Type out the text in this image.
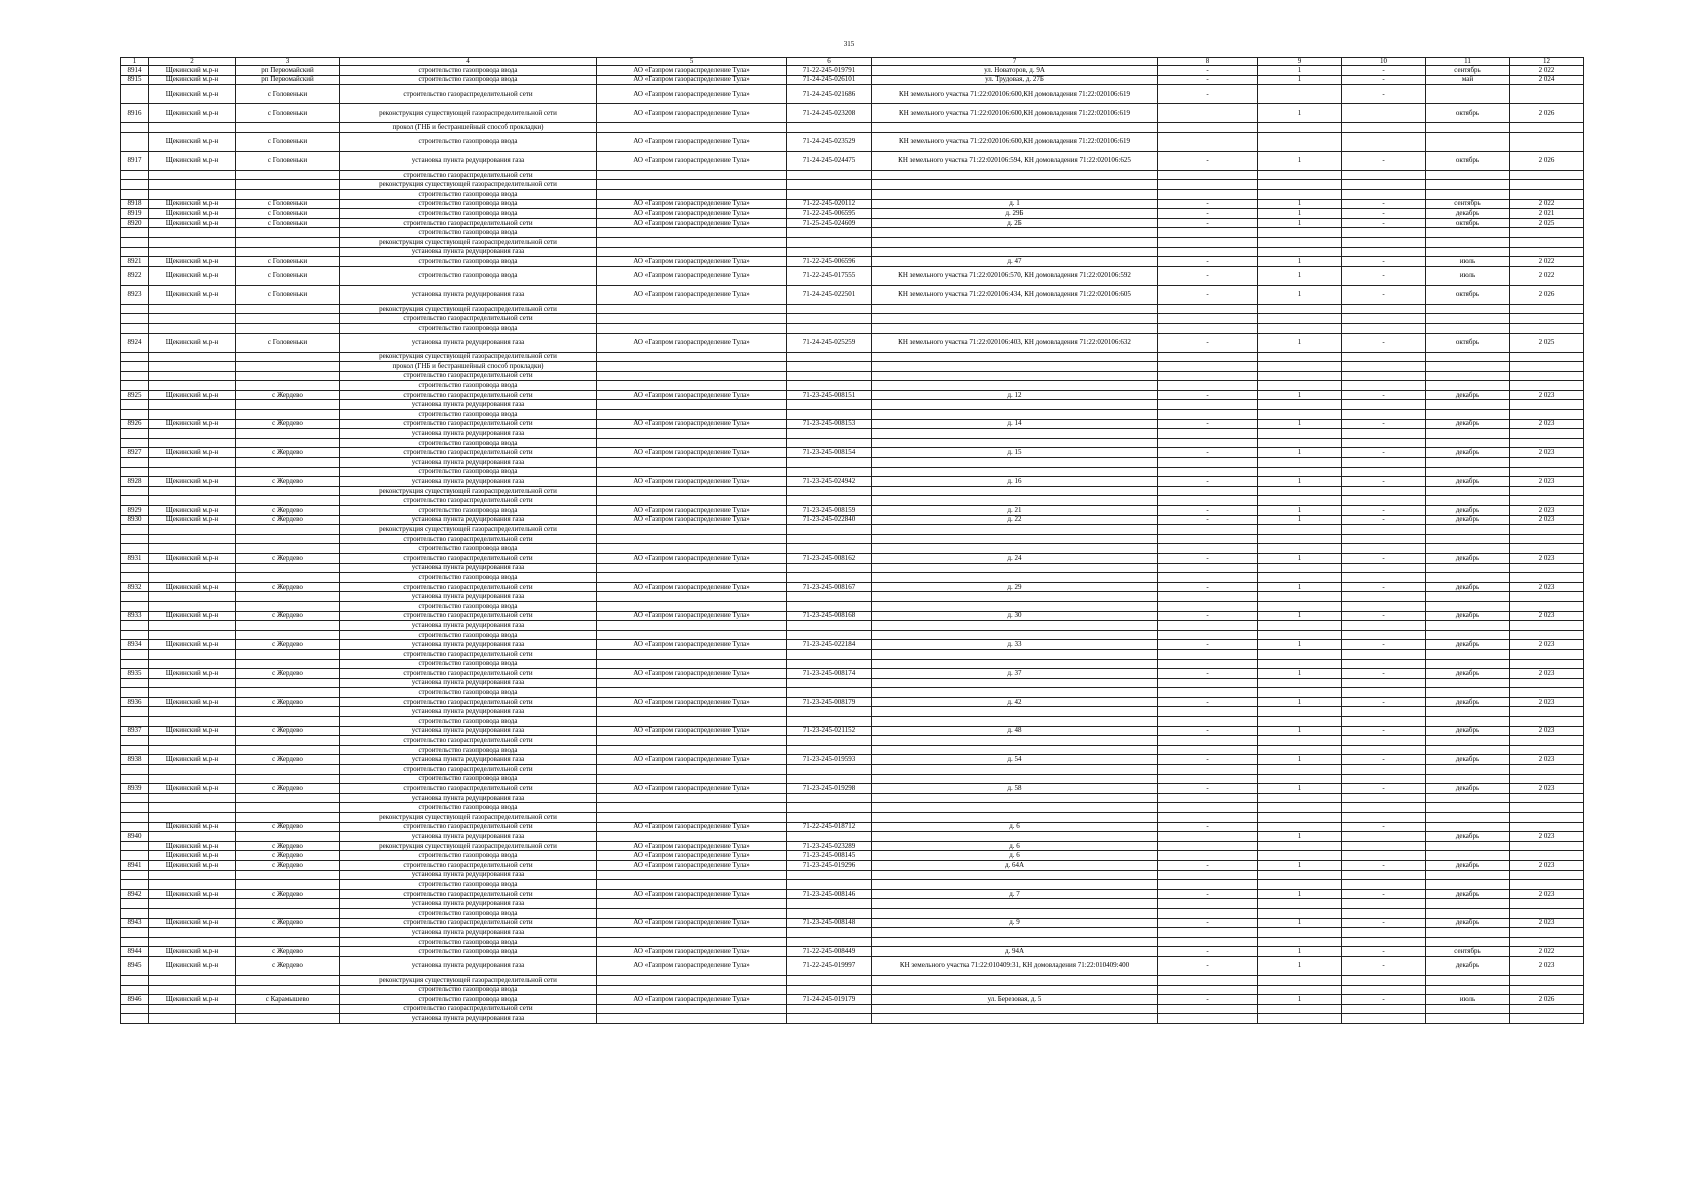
315
1	2	3	4	5	6	7	8	9	10	11	12
8914	Щекинский м.р-н	рп Первомайский	строительство газопровода ввода	АО «Газпром газораспределение Тула»	71-22-245-019791	ул. Новаторов, д. 9А	-	1	-	сентябрь	2 022
8915	Щекинский м.р-н	рп Первомайский	строительство газопровода ввода	АО «Газпром газораспределение Тула»	71-24-245-026101	ул. Трудовая, д. 27Б	-	1	-	май	2 024
	Щекинский м.р-н	с Головеньки	строительство газораспределительной сети	АО «Газпром газораспределение Тула»	71-24-245-021686	КН земельного участка 71:22:020106:600,КН домовладения 71:22:020106:619	-		-		
8916	Щекинский м.р-н	с Головеньки	реконструкция существующей газораспределительной сети	АО «Газпром газораспределение Тула»	71-24-245-023208	КН земельного участка 71:22:020106:600,КН домовладения 71:22:020106:619		1		октябрь	2 026
			прокол (ГНБ и бестраншейный способ прокладки)								
	Щекинский м.р-н	с Головеньки	строительство газопровода ввода	АО «Газпром газораспределение Тула»	71-24-245-023529	КН земельного участка 71:22:020106:600,КН домовладения 71:22:020106:619					
8917	Щекинский м.р-н	с Головеньки	установка пункта редуцирования газа	АО «Газпром газораспределение Тула»	71-24-245-024475	КН земельного участка 71:22:020106:594, КН домовладения 71:22:020106:625	-	1	-	октябрь	2 026
			строительство газораспределительной сети								
			реконструкция существующей газораспределительной сети								
			строительство газопровода ввода								
8918	Щекинский м.р-н	с Головеньки	строительство газопровода ввода	АО «Газпром газораспределение Тула»	71-22-245-020112	д. 1	-	1	-	сентябрь	2 022
8919	Щекинский м.р-н	с Головеньки	строительство газопровода ввода	АО «Газпром газораспределение Тула»	71-22-245-006595	д. 29Б	-	1	-	декабрь	2 021
8920	Щекинский м.р-н	с Головеньки	строительство газораспределительной сети	АО «Газпром газораспределение Тула»	71-25-245-024609	д. 2Б	-	1	-	октябрь	2 025
			строительство газопровода ввода								
			реконструкция существующей газораспределительной сети								
			установка пункта редуцирования газа								
8921	Щекинский м.р-н	с Головеньки	строительство газопровода ввода	АО «Газпром газораспределение Тула»	71-22-245-006596	д. 47	-	1	-	июль	2 022
8922	Щекинский м.р-н	с Головеньки	строительство газопровода ввода	АО «Газпром газораспределение Тула»	71-22-245-017555	КН земельного участка 71:22:020106:570, КН домовладения 71:22:020106:592	-	1	-	июль	2 022
8923	Щекинский м.р-н	с Головеньки	установка пункта редуцирования газа	АО «Газпром газораспределение Тула»	71-24-245-022501	КН земельного участка 71:22:020106:434, КН домовладения 71:22:020106:605	-	1	-	октябрь	2 026
			реконструкция существующей газораспределительной сети								
			строительство газораспределительной сети								
			строительство газопровода ввода								
8924	Щекинский м.р-н	с Головеньки	установка пункта редуцирования газа	АО «Газпром газораспределение Тула»	71-24-245-025259	КН земельного участка 71:22:020106:403, КН домовладения 71:22:020106:632	-	1	-	октябрь	2 025
			реконструкция существующей газораспределительной сети								
			прокол (ГНБ и бестраншейный способ прокладки)								
			строительство газораспределительной сети								
			строительство газопровода ввода								
8925	Щекинский м.р-н	с Жердево	строительство газораспределительной сети	АО «Газпром газораспределение Тула»	71-23-245-008151	д. 12	-	1	-	декабрь	2 023
			установка пункта редуцирования газа								
			строительство газопровода ввода								
8926	Щекинский м.р-н	с Жердево	строительство газораспределительной сети	АО «Газпром газораспределение Тула»	71-23-245-008153	д. 14	-	1	-	декабрь	2 023
			установка пункта редуцирования газа								
			строительство газопровода ввода								
8927	Щекинский м.р-н	с Жердево	строительство газораспределительной сети	АО «Газпром газораспределение Тула»	71-23-245-008154	д. 15	-	1	-	декабрь	2 023
			установка пункта редуцирования газа								
			строительство газопровода ввода								
8928	Щекинский м.р-н	с Жердево	установка пункта редуцирования газа	АО «Газпром газораспределение Тула»	71-23-245-024942	д. 16	-	1	-	декабрь	2 023
			реконструкция существующей газораспределительной сети								
			строительство газораспределительной сети								
8929	Щекинский м.р-н	с Жердево	строительство газопровода ввода	АО «Газпром газораспределение Тула»	71-23-245-008159	д. 21	-	1	-	декабрь	2 023
8930	Щекинский м.р-н	с Жердево	установка пункта редуцирования газа	АО «Газпром газораспределение Тула»	71-23-245-022840	д. 22	-	1	-	декабрь	2 023
			реконструкция существующей газораспределительной сети								
			строительство газораспределительной сети								
			строительство газопровода ввода								
8931	Щекинский м.р-н	с Жердево	строительство газораспределительной сети	АО «Газпром газораспределение Тула»	71-23-245-008162	д. 24	-	1	-	декабрь	2 023
			установка пункта редуцирования газа								
			строительство газопровода ввода								
8932	Щекинский м.р-н	с Жердево	строительство газораспределительной сети	АО «Газпром газораспределение Тула»	71-23-245-008167	д. 29	-	1	-	декабрь	2 023
			установка пункта редуцирования газа								
			строительство газопровода ввода								
8933	Щекинский м.р-н	с Жердево	строительство газораспределительной сети	АО «Газпром газораспределение Тула»	71-23-245-008168	д. 30	-	1	-	декабрь	2 023
			установка пункта редуцирования газа								
			строительство газопровода ввода								
8934	Щекинский м.р-н	с Жердево	установка пункта редуцирования газа	АО «Газпром газораспределение Тула»	71-23-245-022184	д. 33	-	1	-	декабрь	2 023
			строительство газораспределительной сети								
			строительство газопровода ввода								
8935	Щекинский м.р-н	с Жердево	строительство газораспределительной сети	АО «Газпром газораспределение Тула»	71-23-245-008174	д. 37	-	1	-	декабрь	2 023
			установка пункта редуцирования газа								
			строительство газопровода ввода								
8936	Щекинский м.р-н	с Жердево	строительство газораспределительной сети	АО «Газпром газораспределение Тула»	71-23-245-008179	д. 42	-	1	-	декабрь	2 023
			установка пункта редуцирования газа								
			строительство газопровода ввода								
8937	Щекинский м.р-н	с Жердево	установка пункта редуцирования газа	АО «Газпром газораспределение Тула»	71-23-245-021152	д. 48	-	1	-	декабрь	2 023
			строительство газораспределительной сети								
			строительство газопровода ввода								
8938	Щекинский м.р-н	с Жердево	установка пункта редуцирования газа	АО «Газпром газораспределение Тула»	71-23-245-019593	д. 54	-	1	-	декабрь	2 023
			строительство газораспределительной сети								
			строительство газопровода ввода								
8939	Щекинский м.р-н	с Жердево	строительство газораспределительной сети	АО «Газпром газораспределение Тула»	71-23-245-019298	д. 58	-	1	-	декабрь	2 023
			установка пункта редуцирования газа								
			строительство газопровода ввода								
			реконструкция существующей газораспределительной сети								
	Щекинский м.р-н	с Жердево	строительство газораспределительной сети	АО «Газпром газораспределение Тула»	71-22-245-018712	д. 6	-		-		
8940			установка пункта редуцирования газа					1		декабрь	2 023
	Щекинский м.р-н	с Жердево	реконструкция существующей газораспределительной сети	АО «Газпром газораспределение Тула»	71-23-245-023289	д. 6					
	Щекинский м.р-н	с Жердево	строительство газопровода ввода	АО «Газпром газораспределение Тула»	71-23-245-008145	д. 6					
8941	Щекинский м.р-н	с Жердево	строительство газораспределительной сети	АО «Газпром газораспределение Тула»	71-23-245-019296	д. 64А	-	1	-	декабрь	2 023
			установка пункта редуцирования газа								
			строительство газопровода ввода								
8942	Щекинский м.р-н	с Жердево	строительство газораспределительной сети	АО «Газпром газораспределение Тула»	71-23-245-008146	д. 7	-	1	-	декабрь	2 023
			установка пункта редуцирования газа								
			строительство газопровода ввода								
8943	Щекинский м.р-н	с Жердево	строительство газораспределительной сети	АО «Газпром газораспределение Тула»	71-23-245-008148	д. 9	-	1	-	декабрь	2 023
			установка пункта редуцирования газа								
			строительство газопровода ввода								
8944	Щекинский м.р-н	с Жердево	строительство газопровода ввода	АО «Газпром газораспределение Тула»	71-22-245-008449	д. 94А	-	1	-	сентябрь	2 022
8945	Щекинский м.р-н	с Жердево	установка пункта редуцирования газа	АО «Газпром газораспределение Тула»	71-22-245-019997	КН земельного участка 71:22:010409:31, КН домовладения 71:22:010409:400	-	1	-	декабрь	2 023
			реконструкция существующей газораспределительной сети								
			строительство газопровода ввода								
8946	Щекинский м.р-н	с Карамышево	строительство газопровода ввода	АО «Газпром газораспределение Тула»	71-24-245-019179	ул. Березовая, д. 5	-	1	-	июль	2 026
			строительство газораспределительной сети								
			установка пункта редуцирования газа								
